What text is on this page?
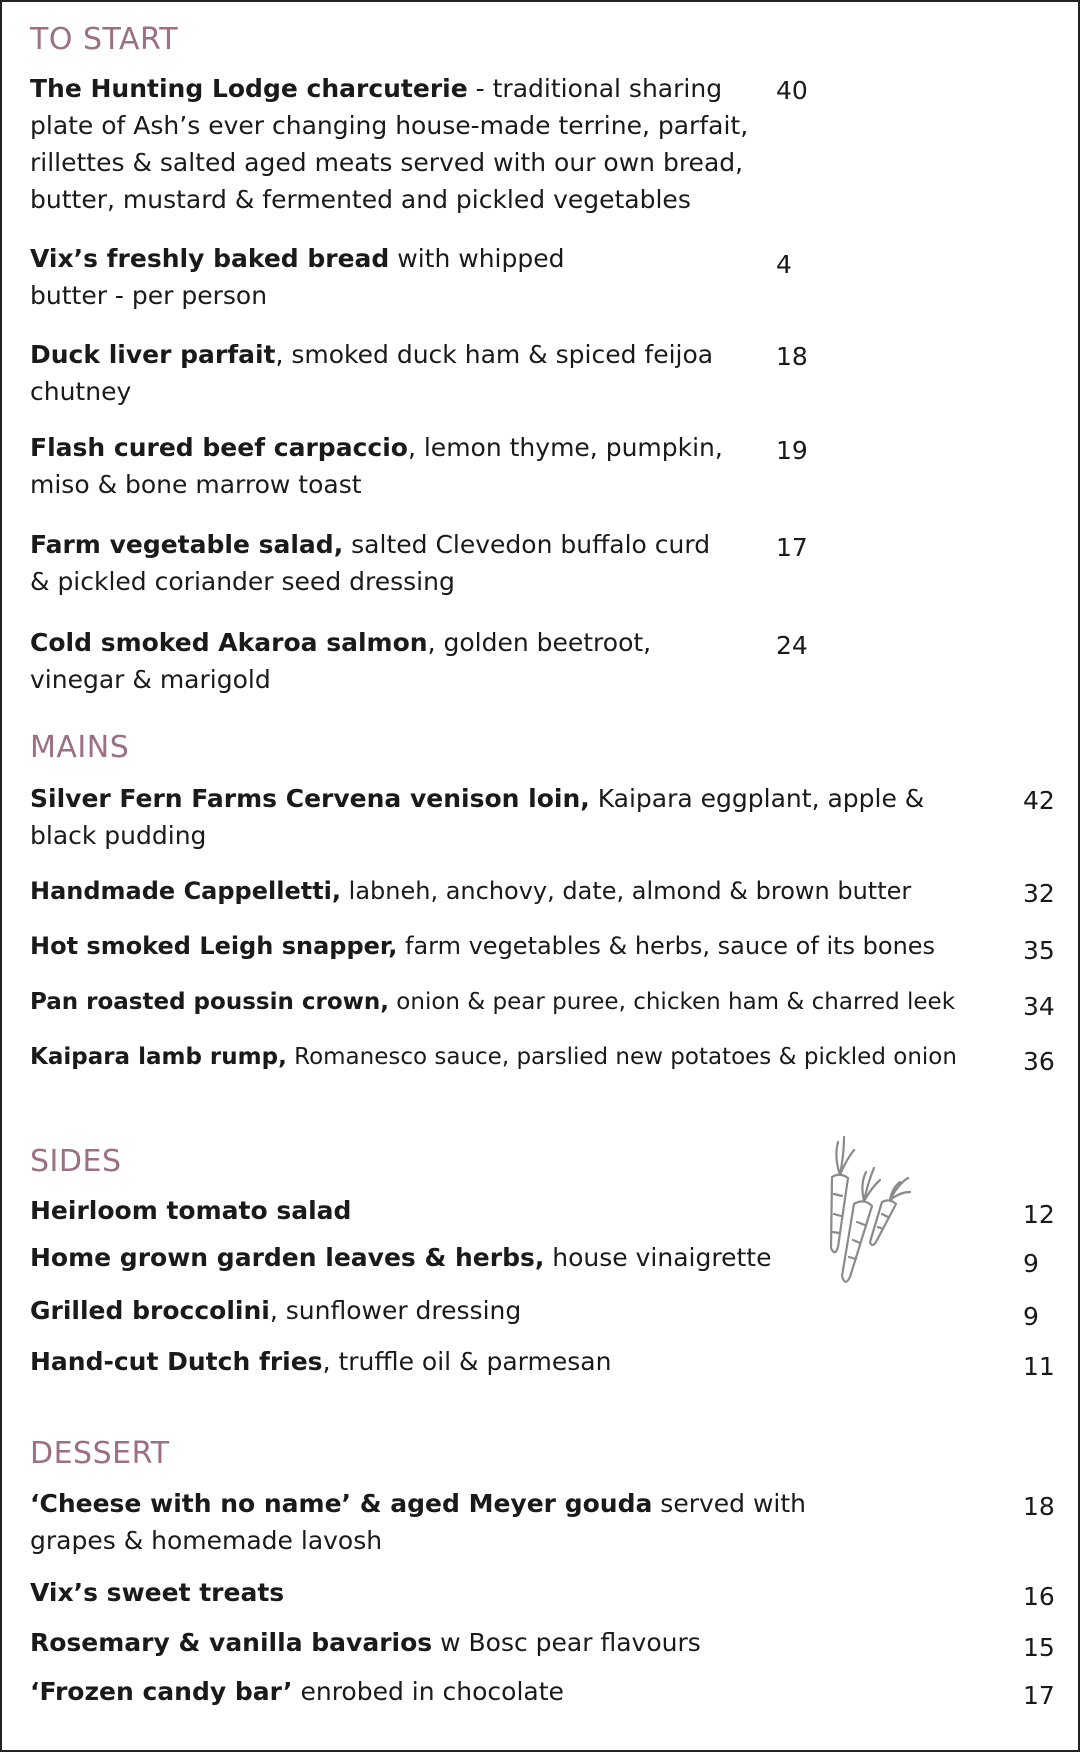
TO START
The Hunting Lodge charcuterie - traditional sharing plate of Ash’s ever changing house-made terrine, parfait, rillettes & salted aged meats served with our own bread, butter, mustard & fermented and pickled vegetables
40
Vix’s freshly baked bread with whipped butter - per person
4
Duck liver parfait, smoked duck ham & spiced feijoa chutney
18
Flash cured beef carpaccio, lemon thyme, pumpkin, miso & bone marrow toast
19
Farm vegetable salad, salted Clevedon buffalo curd & pickled coriander seed dressing
17
Cold smoked Akaroa salmon, golden beetroot, vinegar & marigold
24
MAINS
Silver Fern Farms Cervena venison loin, Kaipara eggplant, apple & black pudding
42
Handmade Cappelletti, labneh, anchovy, date, almond & brown butter	32
Hot smoked Leigh snapper, farm vegetables & herbs, sauce of its bones	35
Pan roasted poussin crown, onion & pear puree, chicken ham & charred leek	34
Kaipara lamb rump, Romanesco sauce, parslied new potatoes & pickled onion	36
SIDES
Heirloom tomato salad	12
Home grown garden leaves & herbs, house vinaigrette	9
Grilled broccolini, sunflower dressing	9
Hand-cut Dutch fries, truffle oil & parmesan	11
DESSERT
‘Cheese with no name’ & aged Meyer gouda served with grapes & homemade lavosh
18
Vix’s sweet treats	16
Rosemary & vanilla bavarios w Bosc pear flavours	15
‘Frozen candy bar’ enrobed in chocolate	17
